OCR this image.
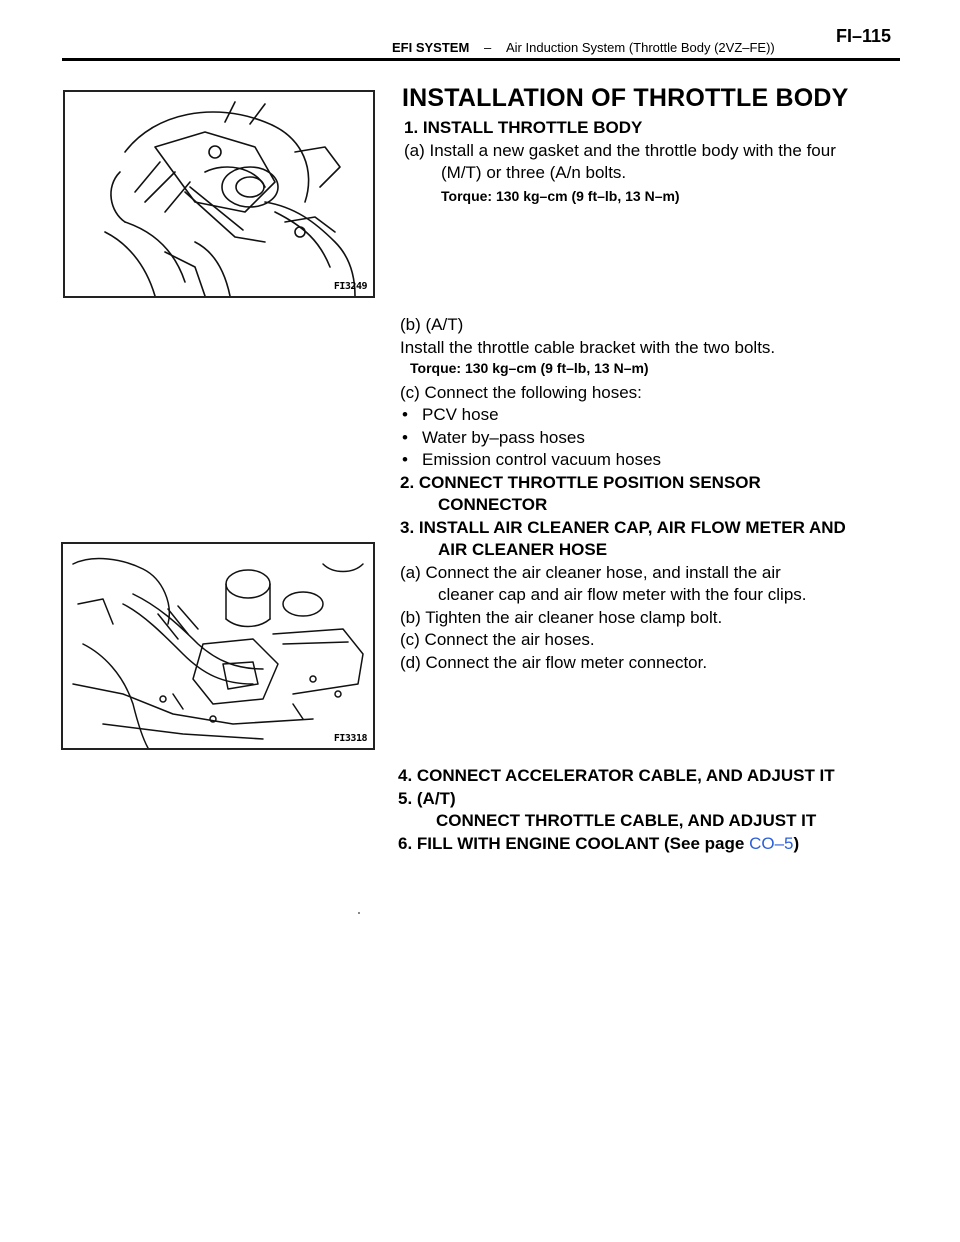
EFI SYSTEM – Air Induction System (Throttle Body (2VZ–FE))
FI–115
FI3249
FI3318
INSTALLATION OF THROTTLE BODY
1. INSTALL THROTTLE BODY
(a) Install a new gasket and the throttle body with the four
(M/T) or three (A/n bolts.
Torque: 130 kg–cm (9 ft–lb, 13 N–m)
(b) (A/T)
Install the throttle cable bracket with the two bolts.
Torque: 130 kg–cm (9 ft–lb, 13 N–m)
(c) Connect the following hoses:
• PCV hose
• Water by–pass hoses
• Emission control vacuum hoses
2. CONNECT THROTTLE POSITION SENSOR
CONNECTOR
3. INSTALL AIR CLEANER CAP, AIR FLOW METER AND
AIR CLEANER HOSE
(a) Connect the air cleaner hose, and install the air
cleaner cap and air flow meter with the four clips.
(b) Tighten the air cleaner hose clamp bolt.
(c) Connect the air hoses.
(d) Connect the air flow meter connector.
4. CONNECT ACCELERATOR CABLE, AND ADJUST IT
5. (A/T)
CONNECT THROTTLE CABLE, AND ADJUST IT
6. FILL WITH ENGINE COOLANT (See page CO–5)
